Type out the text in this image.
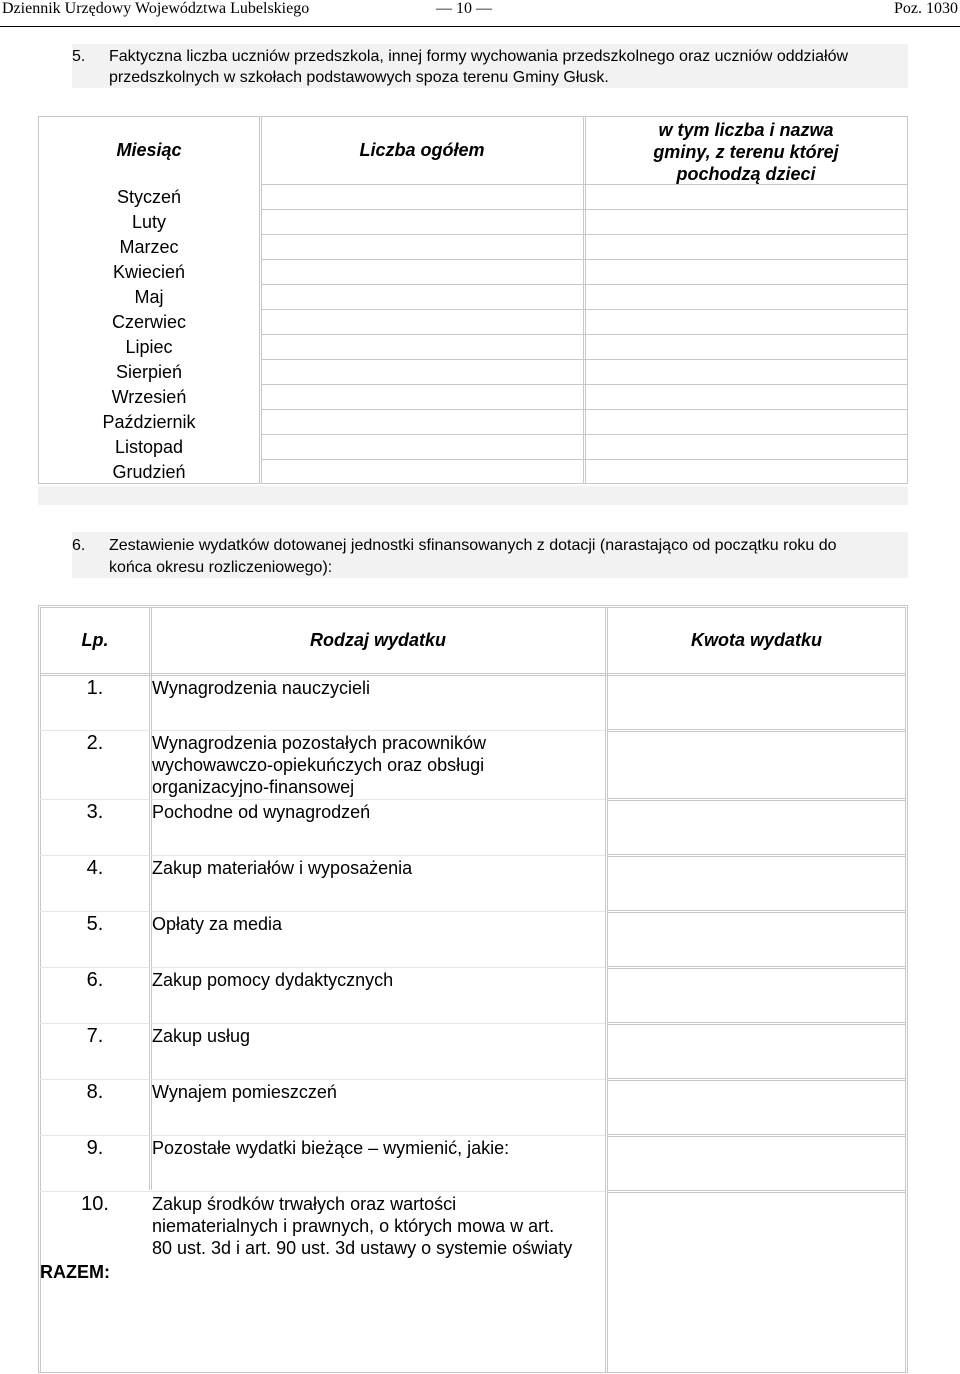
Dziennik Urzędowy Województwa Lubelskiego	— 10 —	Poz. 1030
5. Faktyczna liczba uczniów przedszkola, innej formy wychowania przedszkolnego oraz uczniów oddziałów
przedszkolnych w szkołach podstawowych spoza terenu Gminy Głusk.
Miesiąc	Liczba ogółem
w tym liczba i nazwa
gminy, z terenu której
pochodzą dzieci
Styczeń
Luty
Marzec
Kwiecień
Maj
Czerwiec
Lipiec
Sierpień
Wrzesień
Październik
Listopad
Grudzień
6. Zestawienie wydatków dotowanej jednostki sfinansowanych z dotacji (narastająco od początku roku do
końca okresu rozliczeniowego):
Lp.	Rodzaj wydatku	Kwota wydatku
1.	Wynagrodzenia nauczycieli
2.	Wynagrodzenia pozostałych pracowników
wychowawczo-opiekuńczych oraz obsługi
organizacyjno-finansowej
3.	Pochodne od wynagrodzeń
4.	Zakup materiałów i wyposażenia
5.	Opłaty za media
6.	Zakup pomocy dydaktycznych
7.	Zakup usług
8.	Wynajem pomieszczeń
9.	Pozostałe wydatki bieżące – wymienić, jakie:
10.	Zakup środków trwałych oraz wartości
niematerialnych i prawnych, o których mowa w art.
80 ust. 3d i art. 90 ust. 3d ustawy o systemie oświaty
RAZEM:
